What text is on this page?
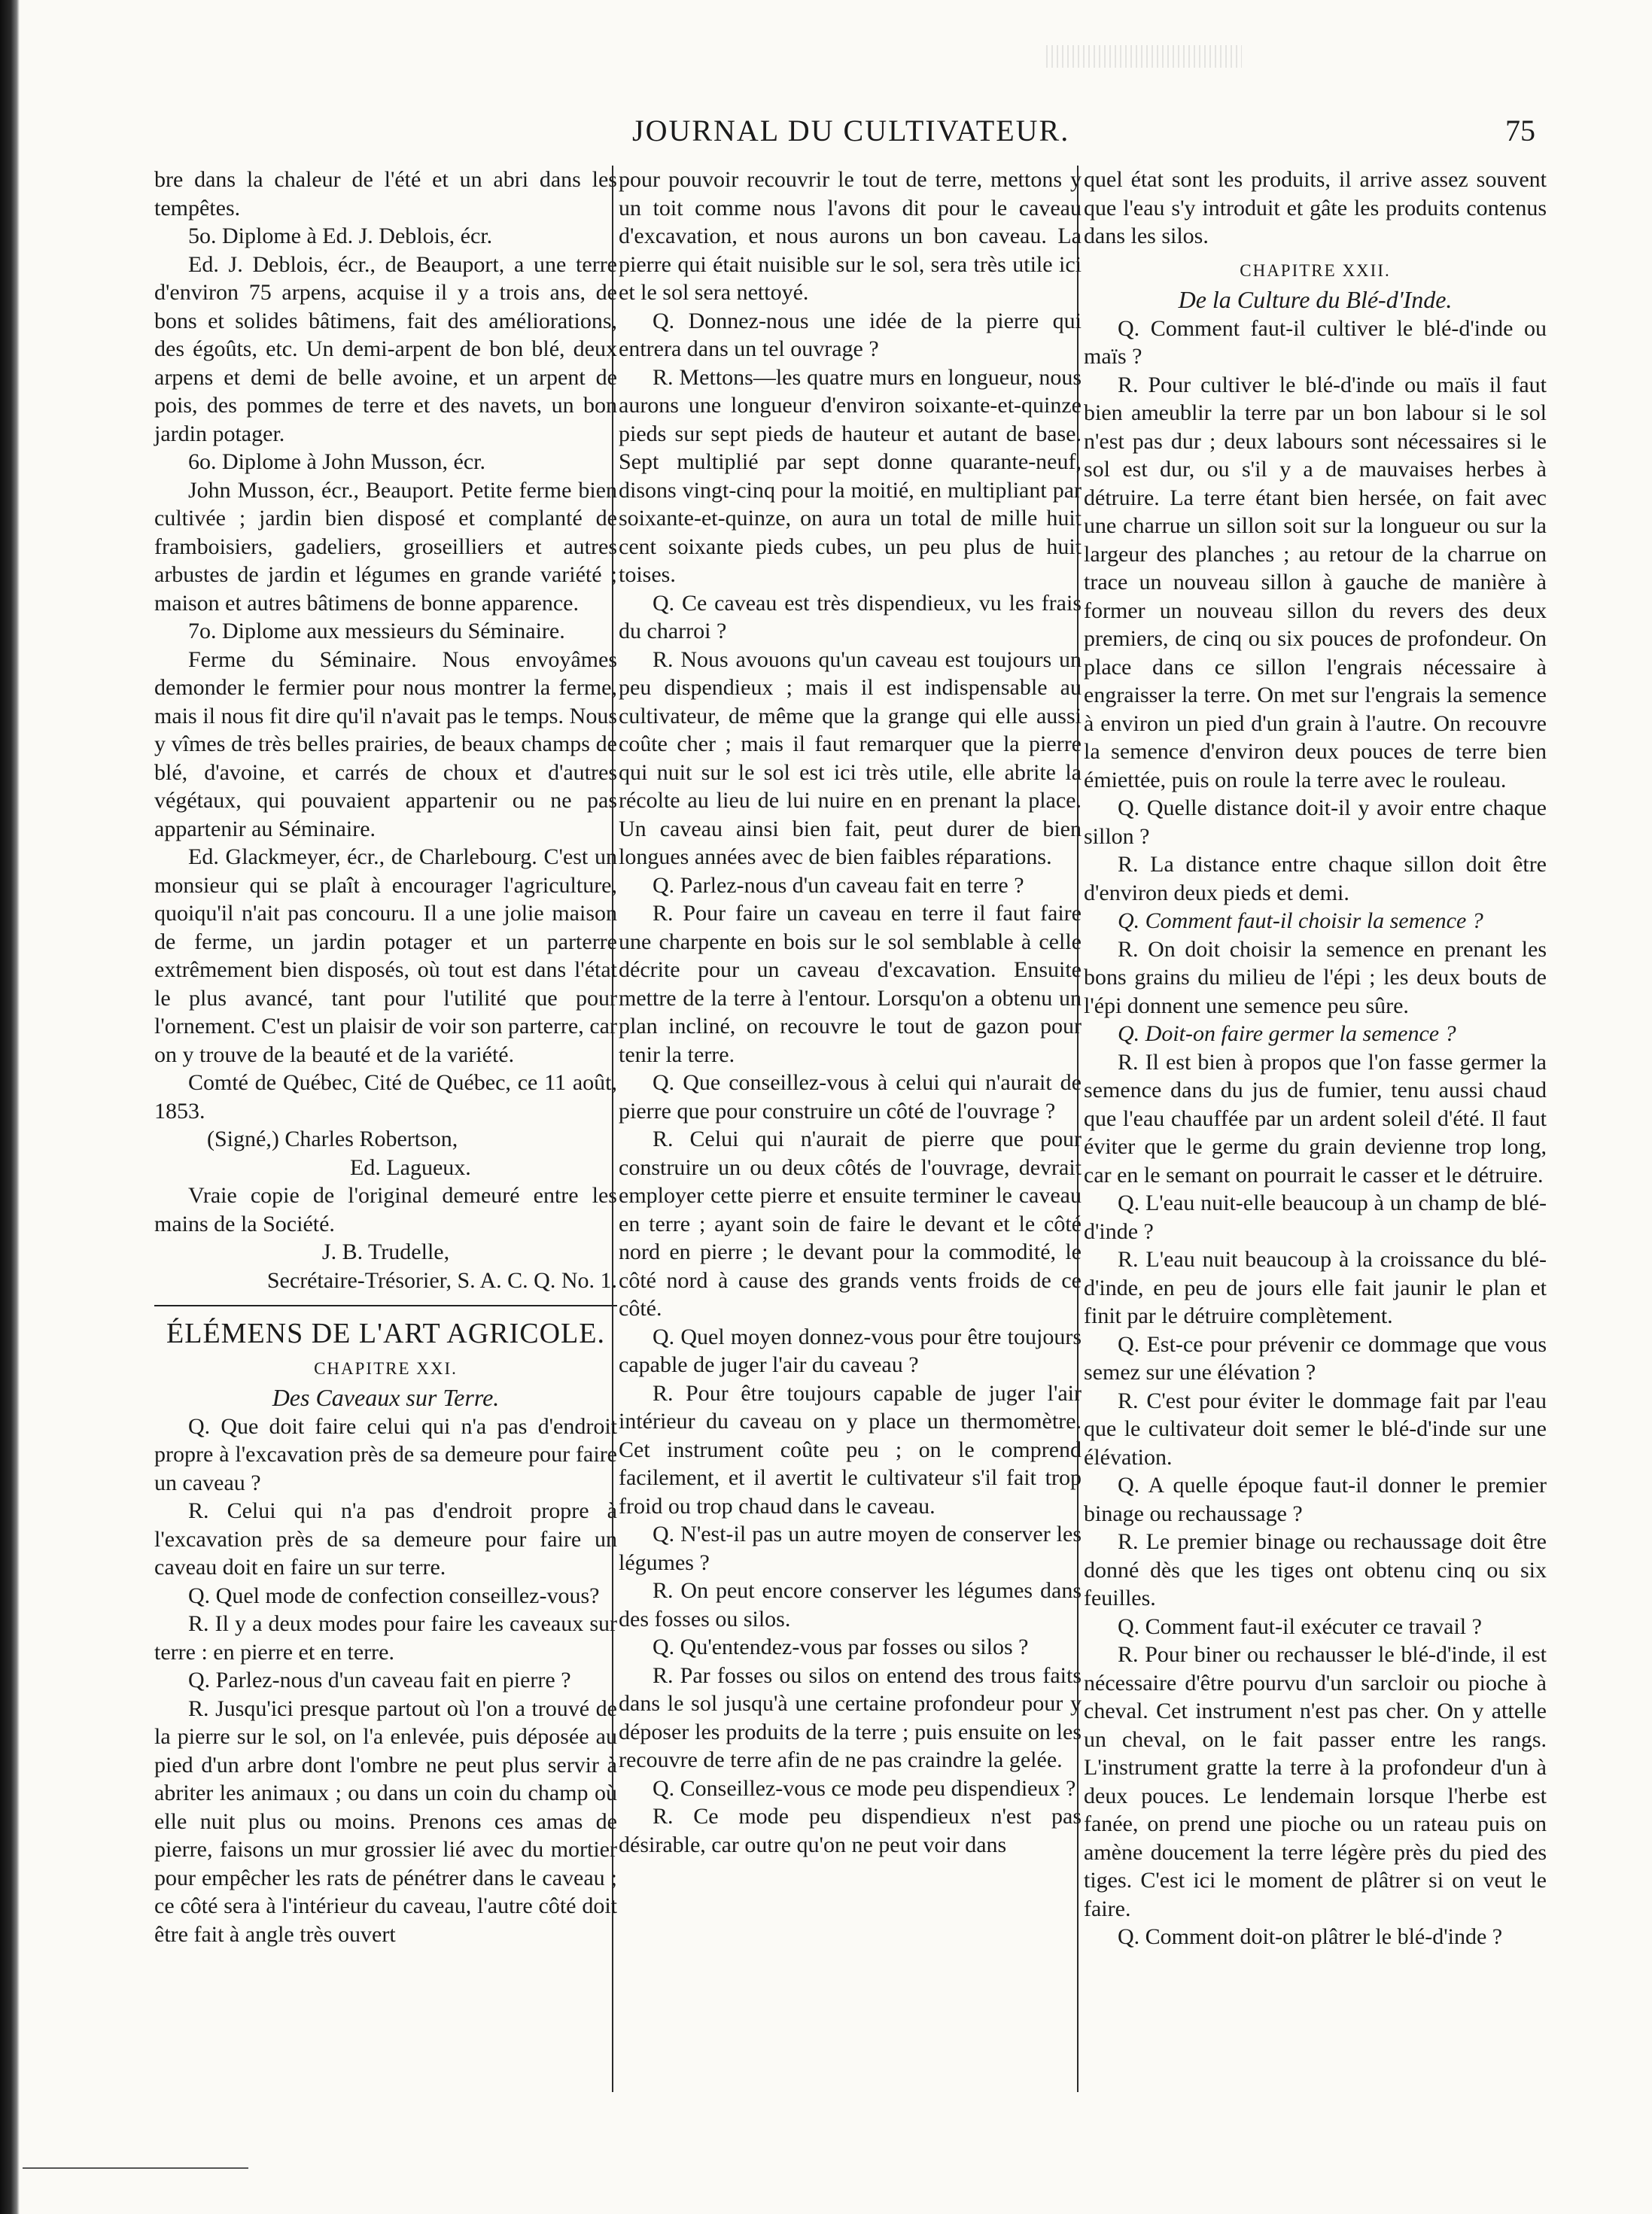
JOURNAL DU CULTIVATEUR.	75

bre dans la chaleur de l'été et un abri dans les tempêtes.

5o. Diplome à Ed. J. Deblois, écr.

Ed. J. Deblois, écr., de Beauport, a une terre d'environ 75 arpens, acquise il y a trois ans, de bons et solides bâtimens, fait des améliorations, des égoûts, etc. Un demi-arpent de bon blé, deux arpens et demi de belle avoine, et un arpent de pois, des pommes de terre et des navets, un bon jardin potager.

6o. Diplome à John Musson, écr.

John Musson, écr., Beauport. Petite ferme bien cultivée ; jardin bien disposé et complanté de framboisiers, gadeliers, groseilliers et autres arbustes de jardin et légumes en grande variété ; maison et autres bâtimens de bonne apparence.

7o. Diplome aux messieurs du Séminaire.

Ferme du Séminaire. Nous envoyâmes demonder le fermier pour nous montrer la ferme, mais il nous fit dire qu'il n'avait pas le temps. Nous y vîmes de très belles prairies, de beaux champs de blé, d'avoine, et carrés de choux et d'autres végétaux, qui pouvaient appartenir ou ne pas appartenir au Séminaire.

Ed. Glackmeyer, écr., de Charlebourg. C'est un monsieur qui se plaît à encourager l'agriculture, quoiqu'il n'ait pas concouru. Il a une jolie maison de ferme, un jardin potager et un parterre extrêmement bien disposés, où tout est dans l'état le plus avancé, tant pour l'utilité que pour l'ornement. C'est un plaisir de voir son parterre, car on y trouve de la beauté et de la variété.

Comté de Québec, Cité de Québec, ce 11 août, 1853.

(Signé,) Charles Robertson,

Ed. Lagueux.

Vraie copie de l'original demeuré entre les mains de la Société.

J. B. Trudelle,

Secrétaire-Trésorier, S. A. C. Q. No. 1.

ÉLÉMENS DE L'ART AGRICOLE.

CHAPITRE XXI.

Des Caveaux sur Terre.

Q. Que doit faire celui qui n'a pas d'endroit propre à l'excavation près de sa demeure pour faire un caveau ?

R. Celui qui n'a pas d'endroit propre à l'excavation près de sa demeure pour faire un caveau doit en faire un sur terre.

Q. Quel mode de confection conseillez-vous?

R. Il y a deux modes pour faire les caveaux sur terre : en pierre et en terre.

Q. Parlez-nous d'un caveau fait en pierre ?

R. Jusqu'ici presque partout où l'on a trouvé de la pierre sur le sol, on l'a enlevée, puis déposée au pied d'un arbre dont l'ombre ne peut plus servir à abriter les animaux ; ou dans un coin du champ où elle nuit plus ou moins. Prenons ces amas de pierre, faisons un mur grossier lié avec du mortier pour empêcher les rats de pénétrer dans le caveau ; ce côté sera à l'intérieur du caveau, l'autre côté doit être fait à angle très ouvert

pour pouvoir recouvrir le tout de terre, mettons y un toit comme nous l'avons dit pour le caveau d'excavation, et nous aurons un bon caveau. La pierre qui était nuisible sur le sol, sera très utile ici et le sol sera nettoyé.

Q. Donnez-nous une idée de la pierre qui entrera dans un tel ouvrage ?

R. Mettons—les quatre murs en longueur, nous aurons une longueur d'environ soixante-et-quinze pieds sur sept pieds de hauteur et autant de base. Sept multiplié par sept donne quarante-neuf, disons vingt-cinq pour la moitié, en multipliant par soixante-et-quinze, on aura un total de mille huit cent soixante pieds cubes, un peu plus de huit toises.

Q. Ce caveau est très dispendieux, vu les frais du charroi ?

R. Nous avouons qu'un caveau est toujours un peu dispendieux ; mais il est indispensable au cultivateur, de même que la grange qui elle aussi coûte cher ; mais il faut remarquer que la pierre qui nuit sur le sol est ici très utile, elle abrite la récolte au lieu de lui nuire en en prenant la place. Un caveau ainsi bien fait, peut durer de bien longues années avec de bien faibles réparations.

Q. Parlez-nous d'un caveau fait en terre ?

R. Pour faire un caveau en terre il faut faire une charpente en bois sur le sol semblable à celle décrite pour un caveau d'excavation. Ensuite mettre de la terre à l'entour. Lorsqu'on a obtenu un plan incliné, on recouvre le tout de gazon pour tenir la terre.

Q. Que conseillez-vous à celui qui n'aurait de pierre que pour construire un côté de l'ouvrage ?

R. Celui qui n'aurait de pierre que pour construire un ou deux côtés de l'ouvrage, devrait employer cette pierre et ensuite terminer le caveau en terre ; ayant soin de faire le devant et le côté nord en pierre ; le devant pour la commodité, le côté nord à cause des grands vents froids de ce côté.

Q. Quel moyen donnez-vous pour être toujours capable de juger l'air du caveau ?

R. Pour être toujours capable de juger l'air intérieur du caveau on y place un thermomètre. Cet instrument coûte peu ; on le comprend facilement, et il avertit le cultivateur s'il fait trop froid ou trop chaud dans le caveau.

Q. N'est-il pas un autre moyen de conserver les légumes ?

R. On peut encore conserver les légumes dans des fosses ou silos.

Q. Qu'entendez-vous par fosses ou silos ?

R. Par fosses ou silos on entend des trous faits dans le sol jusqu'à une certaine profondeur pour y déposer les produits de la terre ; puis ensuite on les recouvre de terre afin de ne pas craindre la gelée.

Q. Conseillez-vous ce mode peu dispendieux ?

R. Ce mode peu dispendieux n'est pas désirable, car outre qu'on ne peut voir dans

quel état sont les produits, il arrive assez souvent que l'eau s'y introduit et gâte les produits contenus dans les silos.

CHAPITRE XXII.

De la Culture du Blé-d'Inde.

Q. Comment faut-il cultiver le blé-d'inde ou maïs ?

R. Pour cultiver le blé-d'inde ou maïs il faut bien ameublir la terre par un bon labour si le sol n'est pas dur ; deux labours sont nécessaires si le sol est dur, ou s'il y a de mauvaises herbes à détruire. La terre étant bien hersée, on fait avec une charrue un sillon soit sur la longueur ou sur la largeur des planches ; au retour de la charrue on trace un nouveau sillon à gauche de manière à former un nouveau sillon du revers des deux premiers, de cinq ou six pouces de profondeur. On place dans ce sillon l'engrais nécessaire à engraisser la terre. On met sur l'engrais la semence à environ un pied d'un grain à l'autre. On recouvre la semence d'environ deux pouces de terre bien émiettée, puis on roule la terre avec le rouleau.

Q. Quelle distance doit-il y avoir entre chaque sillon ?

R. La distance entre chaque sillon doit être d'environ deux pieds et demi.

Q. Comment faut-il choisir la semence ?

R. On doit choisir la semence en prenant les bons grains du milieu de l'épi ; les deux bouts de l'épi donnent une semence peu sûre.

Q. Doit-on faire germer la semence ?

R. Il est bien à propos que l'on fasse germer la semence dans du jus de fumier, tenu aussi chaud que l'eau chauffée par un ardent soleil d'été. Il faut éviter que le germe du grain devienne trop long, car en le semant on pourrait le casser et le détruire.

Q. L'eau nuit-elle beaucoup à un champ de blé-d'inde ?

R. L'eau nuit beaucoup à la croissance du blé-d'inde, en peu de jours elle fait jaunir le plan et finit par le détruire complètement.

Q. Est-ce pour prévenir ce dommage que vous semez sur une élévation ?

R. C'est pour éviter le dommage fait par l'eau que le cultivateur doit semer le blé-d'inde sur une élévation.

Q. A quelle époque faut-il donner le premier binage ou rechaussage ?

R. Le premier binage ou rechaussage doit être donné dès que les tiges ont obtenu cinq ou six feuilles.

Q. Comment faut-il exécuter ce travail ?

R. Pour biner ou rechausser le blé-d'inde, il est nécessaire d'être pourvu d'un sarcloir ou pioche à cheval. Cet instrument n'est pas cher. On y attelle un cheval, on le fait passer entre les rangs. L'instrument gratte la terre à la profondeur d'un à deux pouces. Le lendemain lorsque l'herbe est fanée, on prend une pioche ou un rateau puis on amène doucement la terre légère près du pied des tiges. C'est ici le moment de plâtrer si on veut le faire.

Q. Comment doit-on plâtrer le blé-d'inde ?
